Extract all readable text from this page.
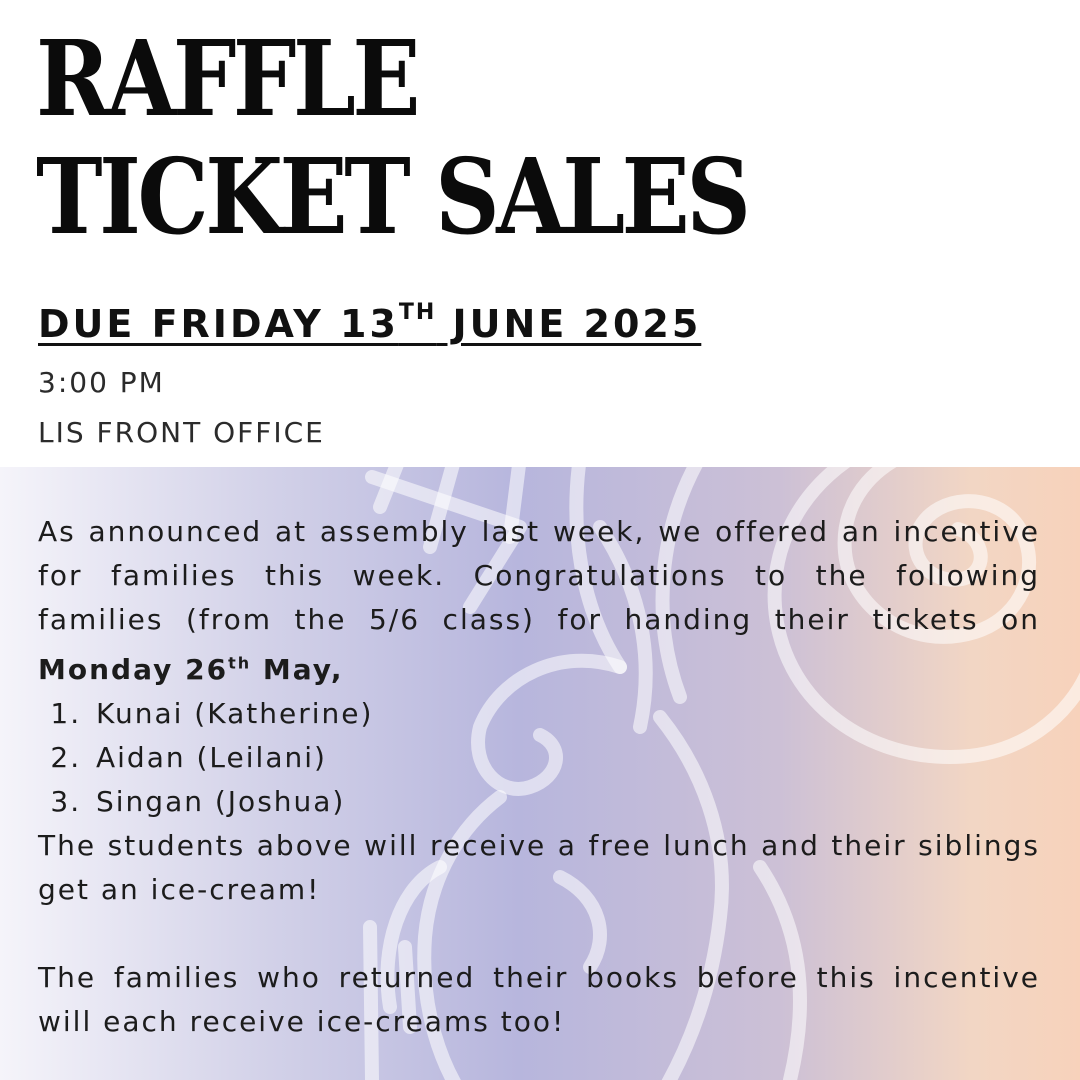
RAFFLE
TICKET SALES

DUE FRIDAY 13TH JUNE 2025

3:00 PM

LIS FRONT OFFICE

As announced at assembly last week, we offered an incentive for families this week. Congratulations to the following families (from the 5/6 class) for handing their tickets on Monday 26th May,

1. Kunai (Katherine)
2. Aidan (Leilani)
3. Singan (Joshua)

The students above will receive a free lunch and their siblings get an ice-cream!

The families who returned their books before this incentive will each receive ice-creams too!
